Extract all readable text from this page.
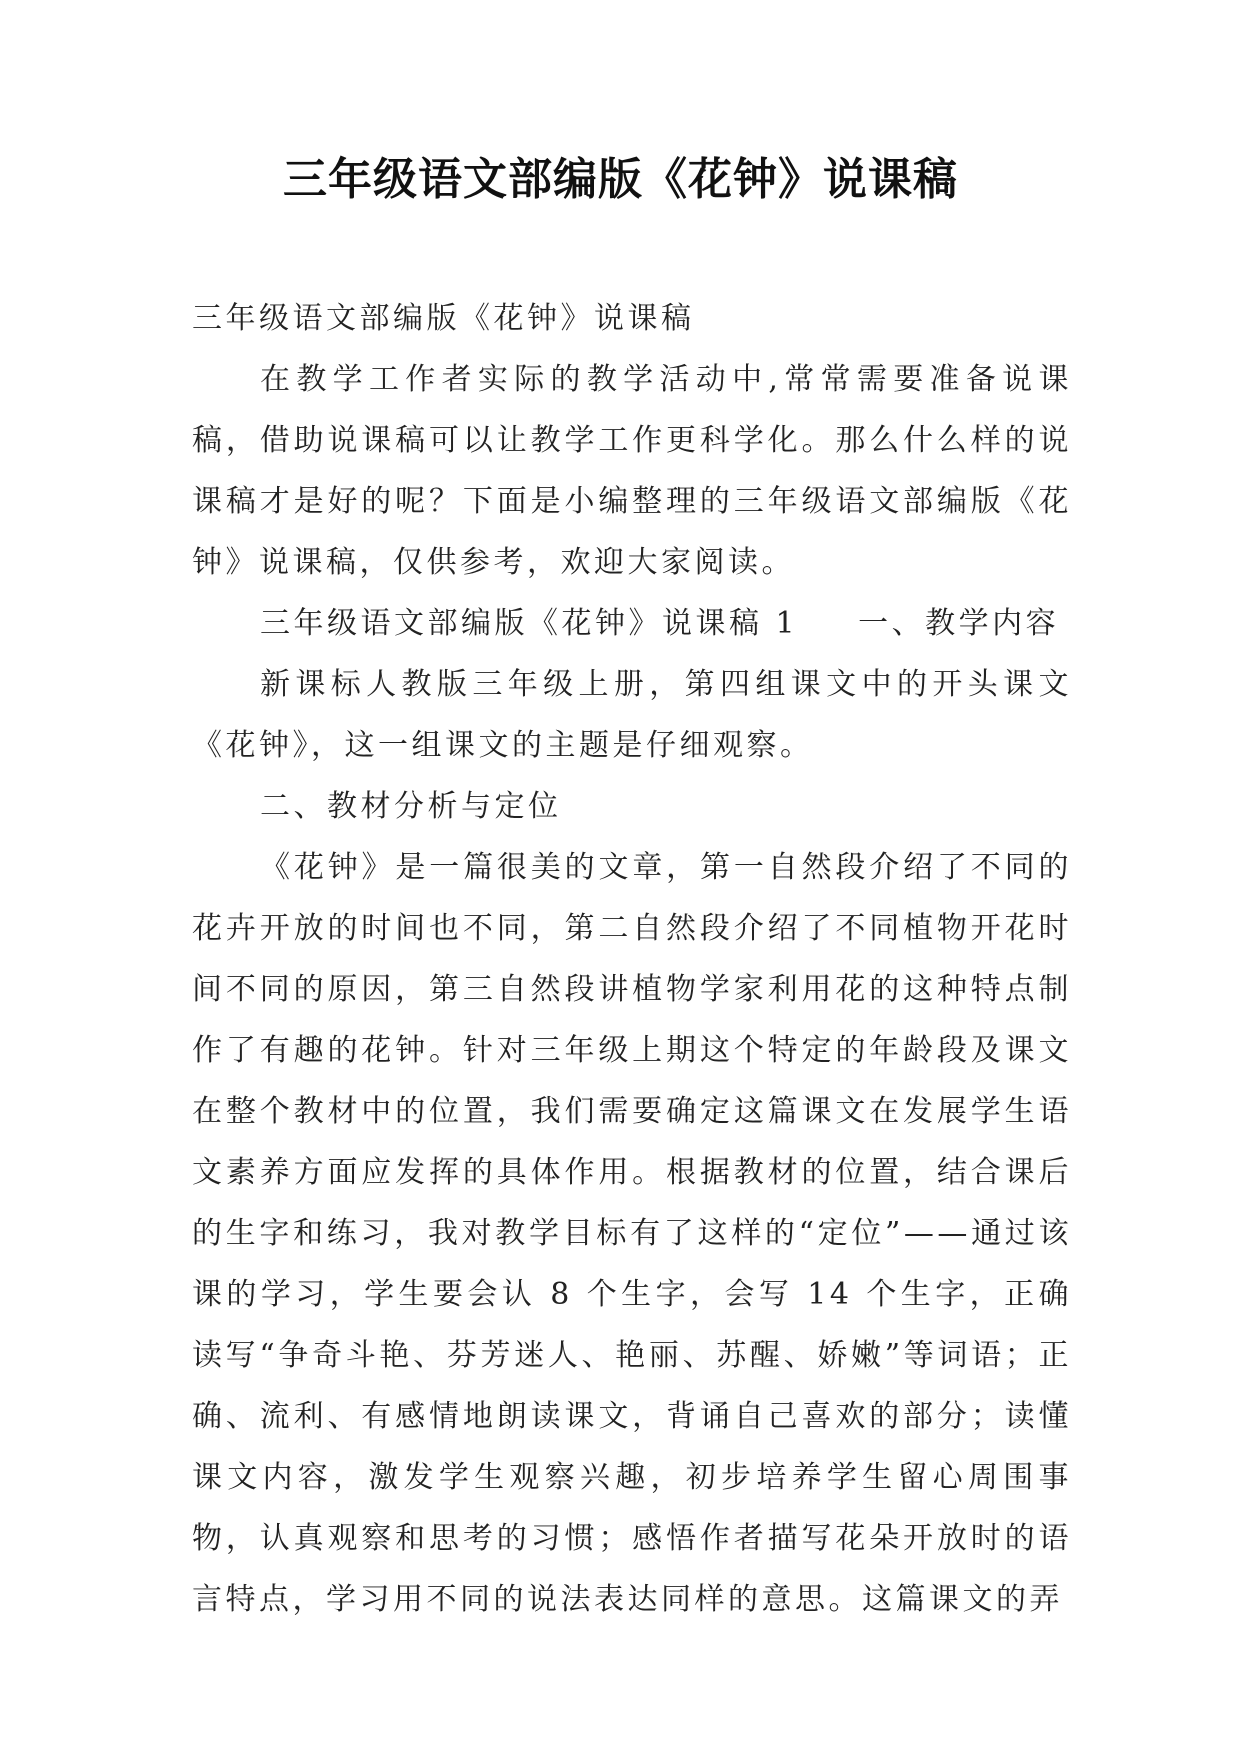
三年级语文部编版《花钟》说课稿

三年级语文部编版《花钟》说课稿

在教学工作者实际的教学活动中,常常需要准备说课稿，借助说课稿可以让教学工作更科学化。那么什么样的说课稿才是好的呢？下面是小编整理的三年级语文部编版《花钟》说课稿，仅供参考，欢迎大家阅读。

三年级语文部编版《花钟》说课稿 1 一、教学内容

新课标人教版三年级上册，第四组课文中的开头课文《花钟》，这一组课文的主题是仔细观察。

二、教材分析与定位

《花钟》是一篇很美的文章，第一自然段介绍了不同的花卉开放的时间也不同，第二自然段介绍了不同植物开花时间不同的原因，第三自然段讲植物学家利用花的这种特点制作了有趣的花钟。针对三年级上期这个特定的年龄段及课文在整个教材中的位置，我们需要确定这篇课文在发展学生语文素养方面应发挥的具体作用。根据教材的位置，结合课后的生字和练习，我对教学目标有了这样的“定位”——通过该课的学习，学生要会认 8 个生字，会写 14 个生字，正确读写“争奇斗艳、芬芳迷人、艳丽、苏醒、娇嫩”等词语；正确、流利、有感情地朗读课文，背诵自己喜欢的部分；读懂课文内容，激发学生观察兴趣，初步培养学生留心周围事物，认真观察和思考的习惯；感悟作者描写花朵开放时的语言特点，学习用不同的说法表达同样的意思。这篇课文的弄
